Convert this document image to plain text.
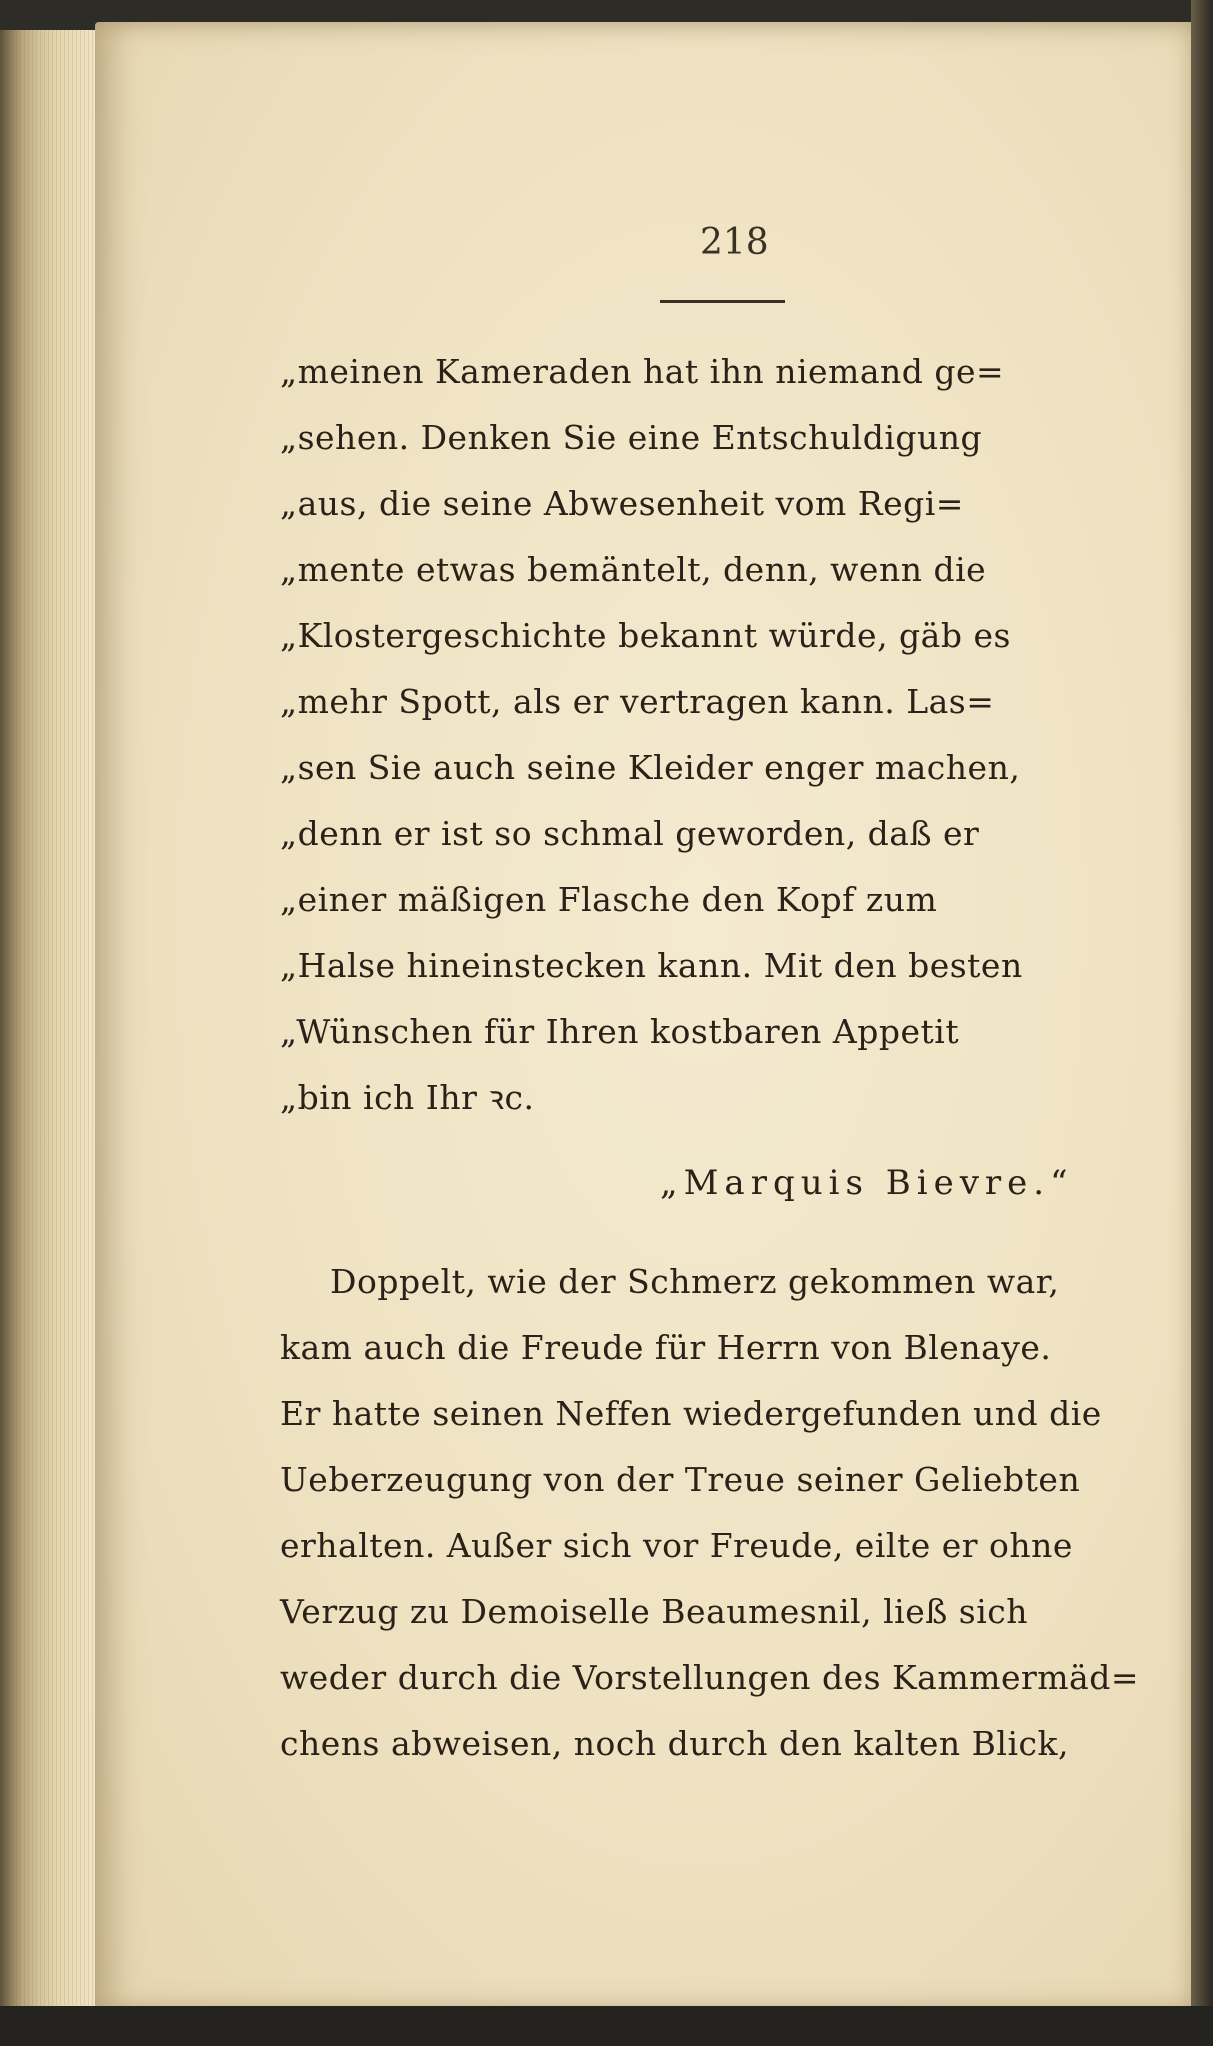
218
„meinen Kameraden hat ihn niemand ge=
„sehen. Denken Sie eine Entschuldigung
„aus, die seine Abwesenheit vom Regi=
„mente etwas bemäntelt, denn, wenn die
„Klostergeschichte bekannt würde, gäb es
„mehr Spott, als er vertragen kann. Las=
„sen Sie auch seine Kleider enger machen,
„denn er ist so schmal geworden, daß er
„einer mäßigen Flasche den Kopf zum
„Halse hineinstecken kann. Mit den besten
„Wünschen für Ihren kostbaren Appetit
„bin ich Ihr ꝛc.
„Marquis Bievre.“
Doppelt, wie der Schmerz gekommen war,
kam auch die Freude für Herrn von Blenaye.
Er hatte seinen Neffen wiedergefunden und die
Ueberzeugung von der Treue seiner Geliebten
erhalten. Außer sich vor Freude, eilte er ohne
Verzug zu Demoiselle Beaumesnil, ließ sich
weder durch die Vorstellungen des Kammermäd=
chens abweisen, noch durch den kalten Blick,
